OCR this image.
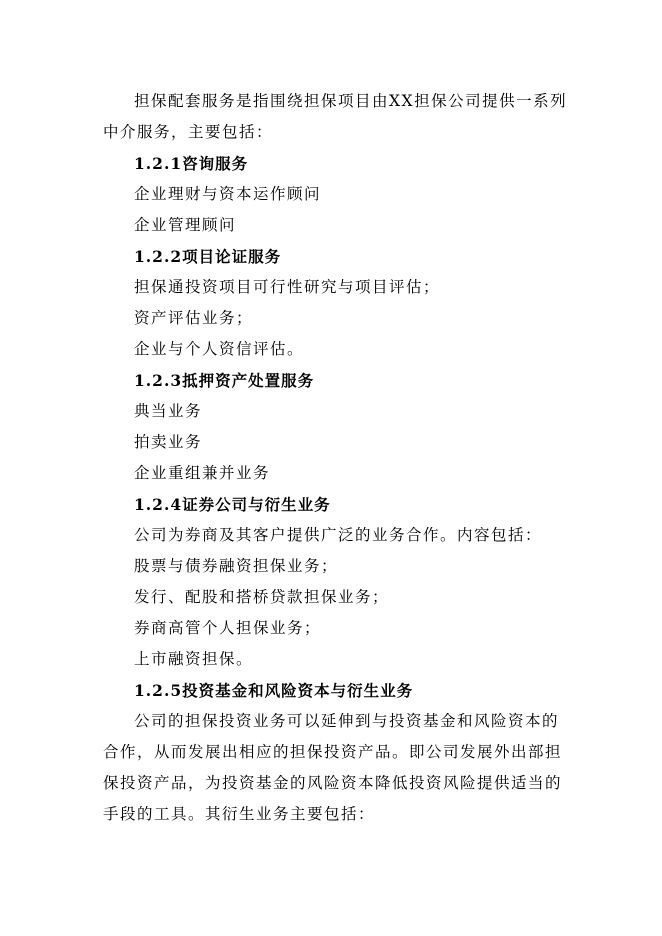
担保配套服务是指围绕担保项目由XX担保公司提供一系列
中介服务，主要包括：
1.2.1咨询服务
企业理财与资本运作顾问
企业管理顾问
1.2.2项目论证服务
担保通投资项目可行性研究与项目评估；
资产评估业务；
企业与个人资信评估。
1.2.3抵押资产处置服务
典当业务
拍卖业务
企业重组兼并业务
1.2.4证券公司与衍生业务
公司为券商及其客户提供广泛的业务合作。内容包括：
股票与债券融资担保业务；
发行、配股和搭桥贷款担保业务；
券商高管个人担保业务；
上市融资担保。
1.2.5投资基金和风险资本与衍生业务
公司的担保投资业务可以延伸到与投资基金和风险资本的
合作，从而发展出相应的担保投资产品。即公司发展外出部担
保投资产品，为投资基金的风险资本降低投资风险提供适当的
手段的工具。其衍生业务主要包括：
